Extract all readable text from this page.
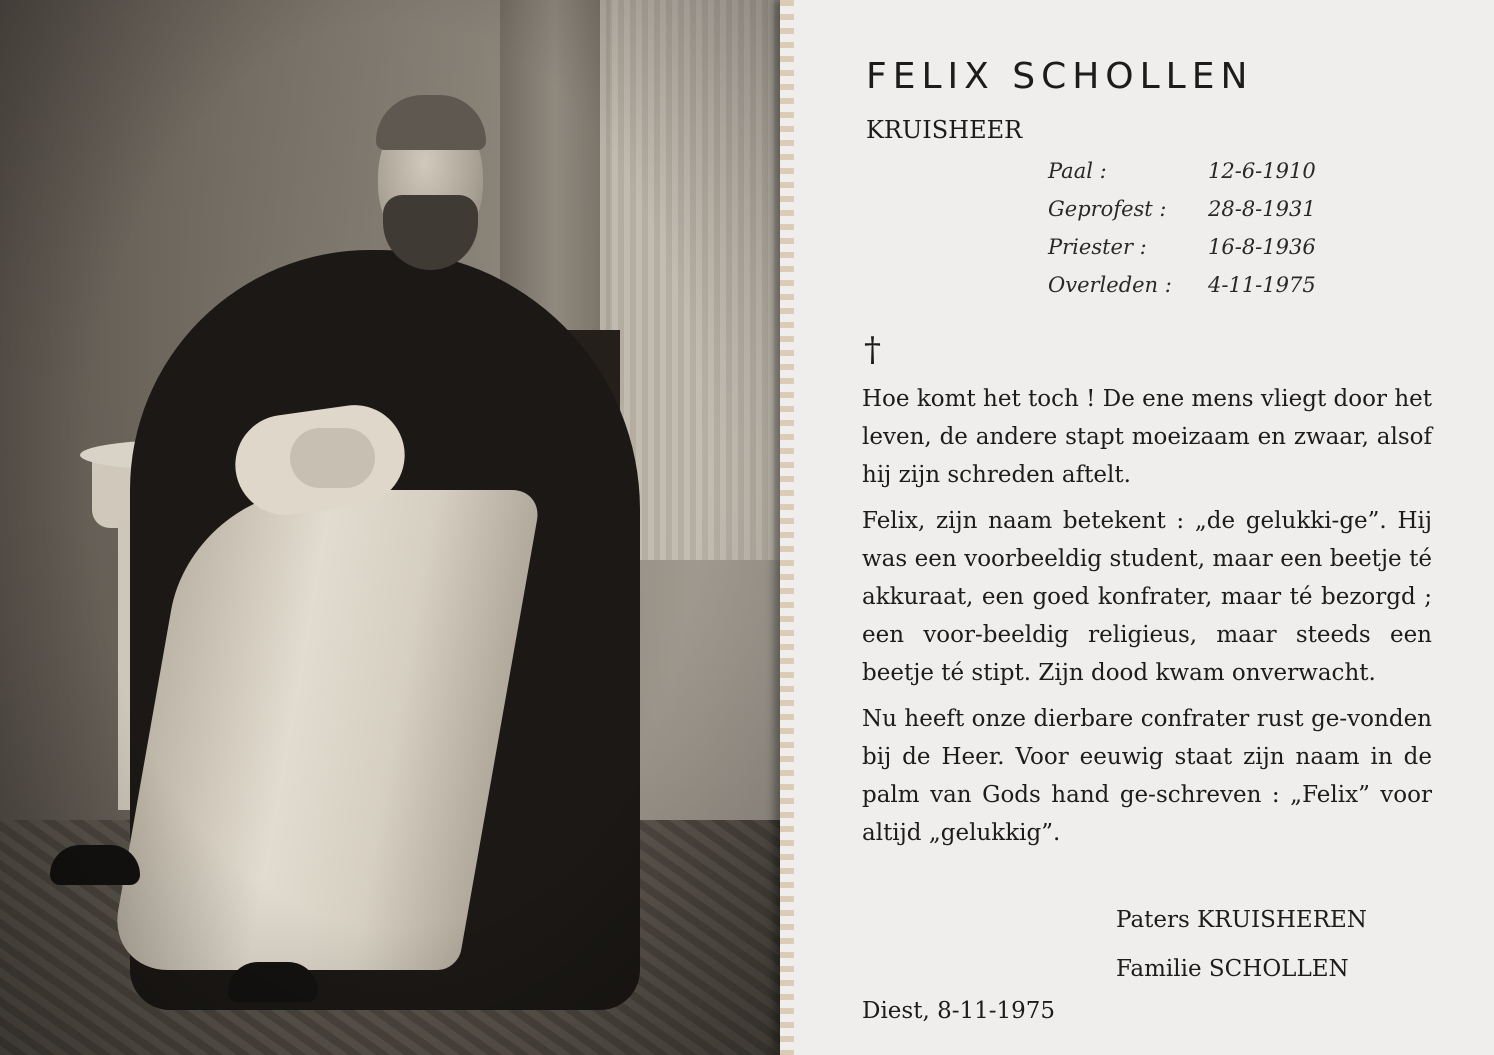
FELIX SCHOLLEN
KRUISHEER
Paal :	12-6-1910
Geprofest :	28-8-1931
Priester :	16-8-1936
Overleden :	4-11-1975
†

Hoe komt het toch ! De ene mens vliegt door het leven, de andere stapt moeizaam en zwaar, alsof hij zijn schreden aftelt.

Felix, zijn naam betekent : „de gelukki-ge”. Hij was een voorbeeldig student, maar een beetje té akkuraat, een goed konfrater, maar té bezorgd ; een voor-beeldig religieus, maar steeds een beetje té stipt. Zijn dood kwam onverwacht.

Nu heeft onze dierbare confrater rust ge-vonden bij de Heer. Voor eeuwig staat zijn naam in de palm van Gods hand ge-schreven : „Felix” voor altijd „gelukkig”.

Paters KRUISHEREN
Familie SCHOLLEN
Diest, 8-11-1975
